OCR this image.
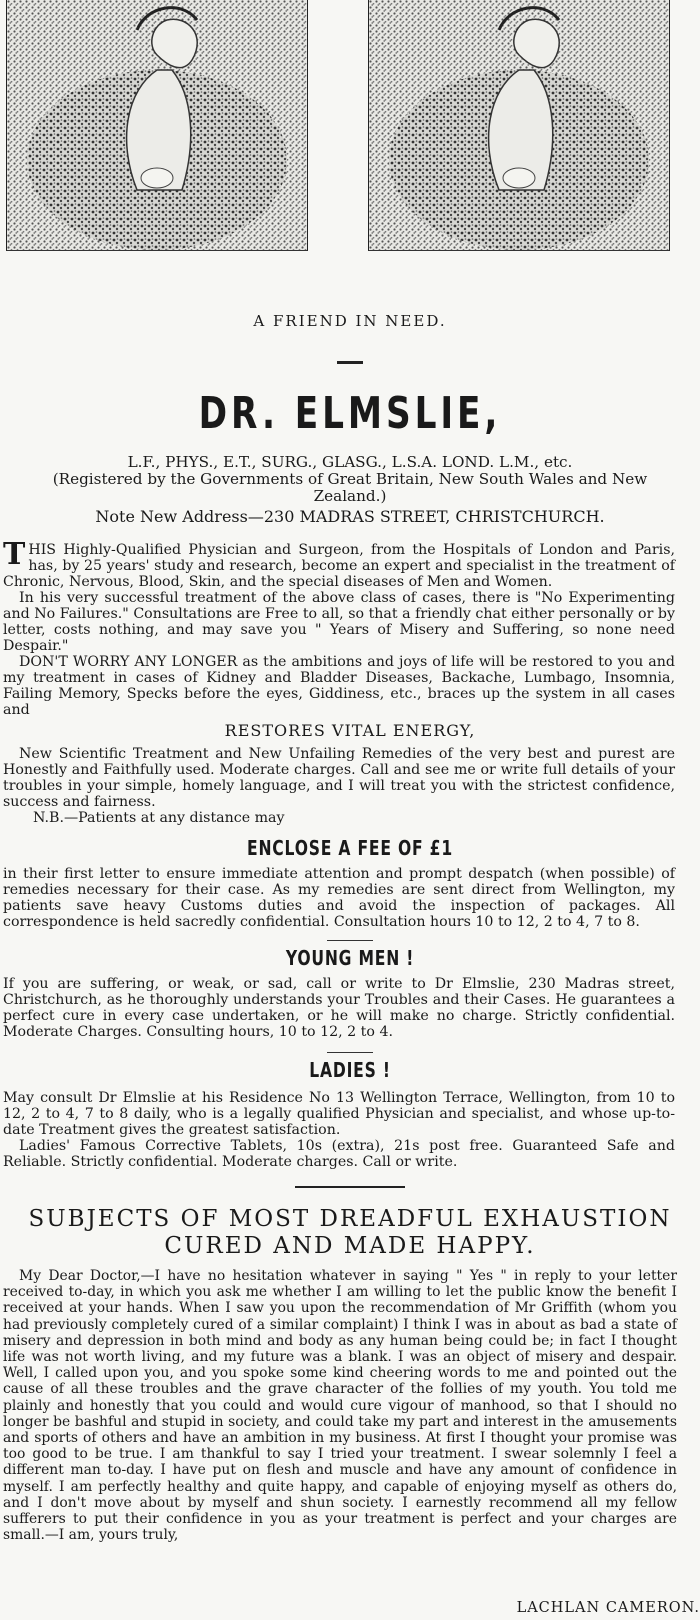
A FRIEND IN NEED.
DR. ELMSLIE,
L.F., PHYS., E.T., SURG., GLASG., L.S.A. LOND. L.M., etc.
(Registered by the Governments of Great Britain, New South Wales and New Zealand.)
Note New Address—230 MADRAS STREET, CHRISTCHURCH.

THIS Highly-Qualified Physician and Surgeon, from the Hospitals of London and Paris, has, by 25 years' study and research, become an expert and specialist in the treatment of Chronic, Nervous, Blood, Skin, and the special diseases of Men and Women.

In his very successful treatment of the above class of cases, there is "No Experimenting and No Failures." Consultations are Free to all, so that a friendly chat either personally or by letter, costs nothing, and may save you " Years of Misery and Suffering, so none need Despair."

DON'T WORRY ANY LONGER as the ambitions and joys of life will be restored to you and my treatment in cases of Kidney and Bladder Diseases, Backache, Lumbago, Insomnia, Failing Memory, Specks before the eyes, Giddiness, etc., braces up the system in all cases and

RESTORES VITAL ENERGY,

New Scientific Treatment and New Unfailing Remedies of the very best and purest are Honestly and Faithfully used. Moderate charges. Call and see me or write full details of your troubles in your simple, homely language, and I will treat you with the strictest confidence, success and fairness.

N.B.—Patients at any distance may

ENCLOSE A FEE OF £1

in their first letter to ensure immediate attention and prompt despatch (when possible) of remedies necessary for their case. As my remedies are sent direct from Wellington, my patients save heavy Customs duties and avoid the inspection of packages. All correspondence is held sacredly confidential. Consultation hours 10 to 12, 2 to 4, 7 to 8.

YOUNG MEN !

If you are suffering, or weak, or sad, call or write to Dr Elmslie, 230 Madras street, Christchurch, as he thoroughly understands your Troubles and their Cases. He guarantees a perfect cure in every case undertaken, or he will make no charge. Strictly confidential. Moderate Charges. Consulting hours, 10 to 12, 2 to 4.

LADIES !

May consult Dr Elmslie at his Residence No 13 Wellington Terrace, Wellington, from 10 to 12, 2 to 4, 7 to 8 daily, who is a legally qualified Physician and specialist, and whose up-to-date Treatment gives the greatest satisfaction.

Ladies' Famous Corrective Tablets, 10s (extra), 21s post free. Guaranteed Safe and Reliable. Strictly confidential. Moderate charges. Call or write.

SUBJECTS OF MOST DREADFUL EXHAUSTION
CURED AND MADE HAPPY.

My Dear Doctor,—I have no hesitation whatever in saying " Yes " in reply to your letter received to-day, in which you ask me whether I am willing to let the public know the benefit I received at your hands. When I saw you upon the recommendation of Mr Griffith (whom you had previously completely cured of a similar complaint) I think I was in about as bad a state of misery and depression in both mind and body as any human being could be; in fact I thought life was not worth living, and my future was a blank. I was an object of misery and despair. Well, I called upon you, and you spoke some kind cheering words to me and pointed out the cause of all these troubles and the grave character of the follies of my youth. You told me plainly and honestly that you could and would cure vigour of manhood, so that I should no longer be bashful and stupid in society, and could take my part and interest in the amusements and sports of others and have an ambition in my business. At first I thought your promise was too good to be true. I am thankful to say I tried your treatment. I swear solemnly I feel a different man to-day. I have put on flesh and muscle and have any amount of confidence in myself. I am perfectly healthy and quite happy, and capable of enjoying myself as others do, and I don't move about by myself and shun society. I earnestly recommend all my fellow sufferers to put their confidence in you as your treatment is perfect and your charges are small.—I am, yours truly,

LACHLAN CAMERON.
